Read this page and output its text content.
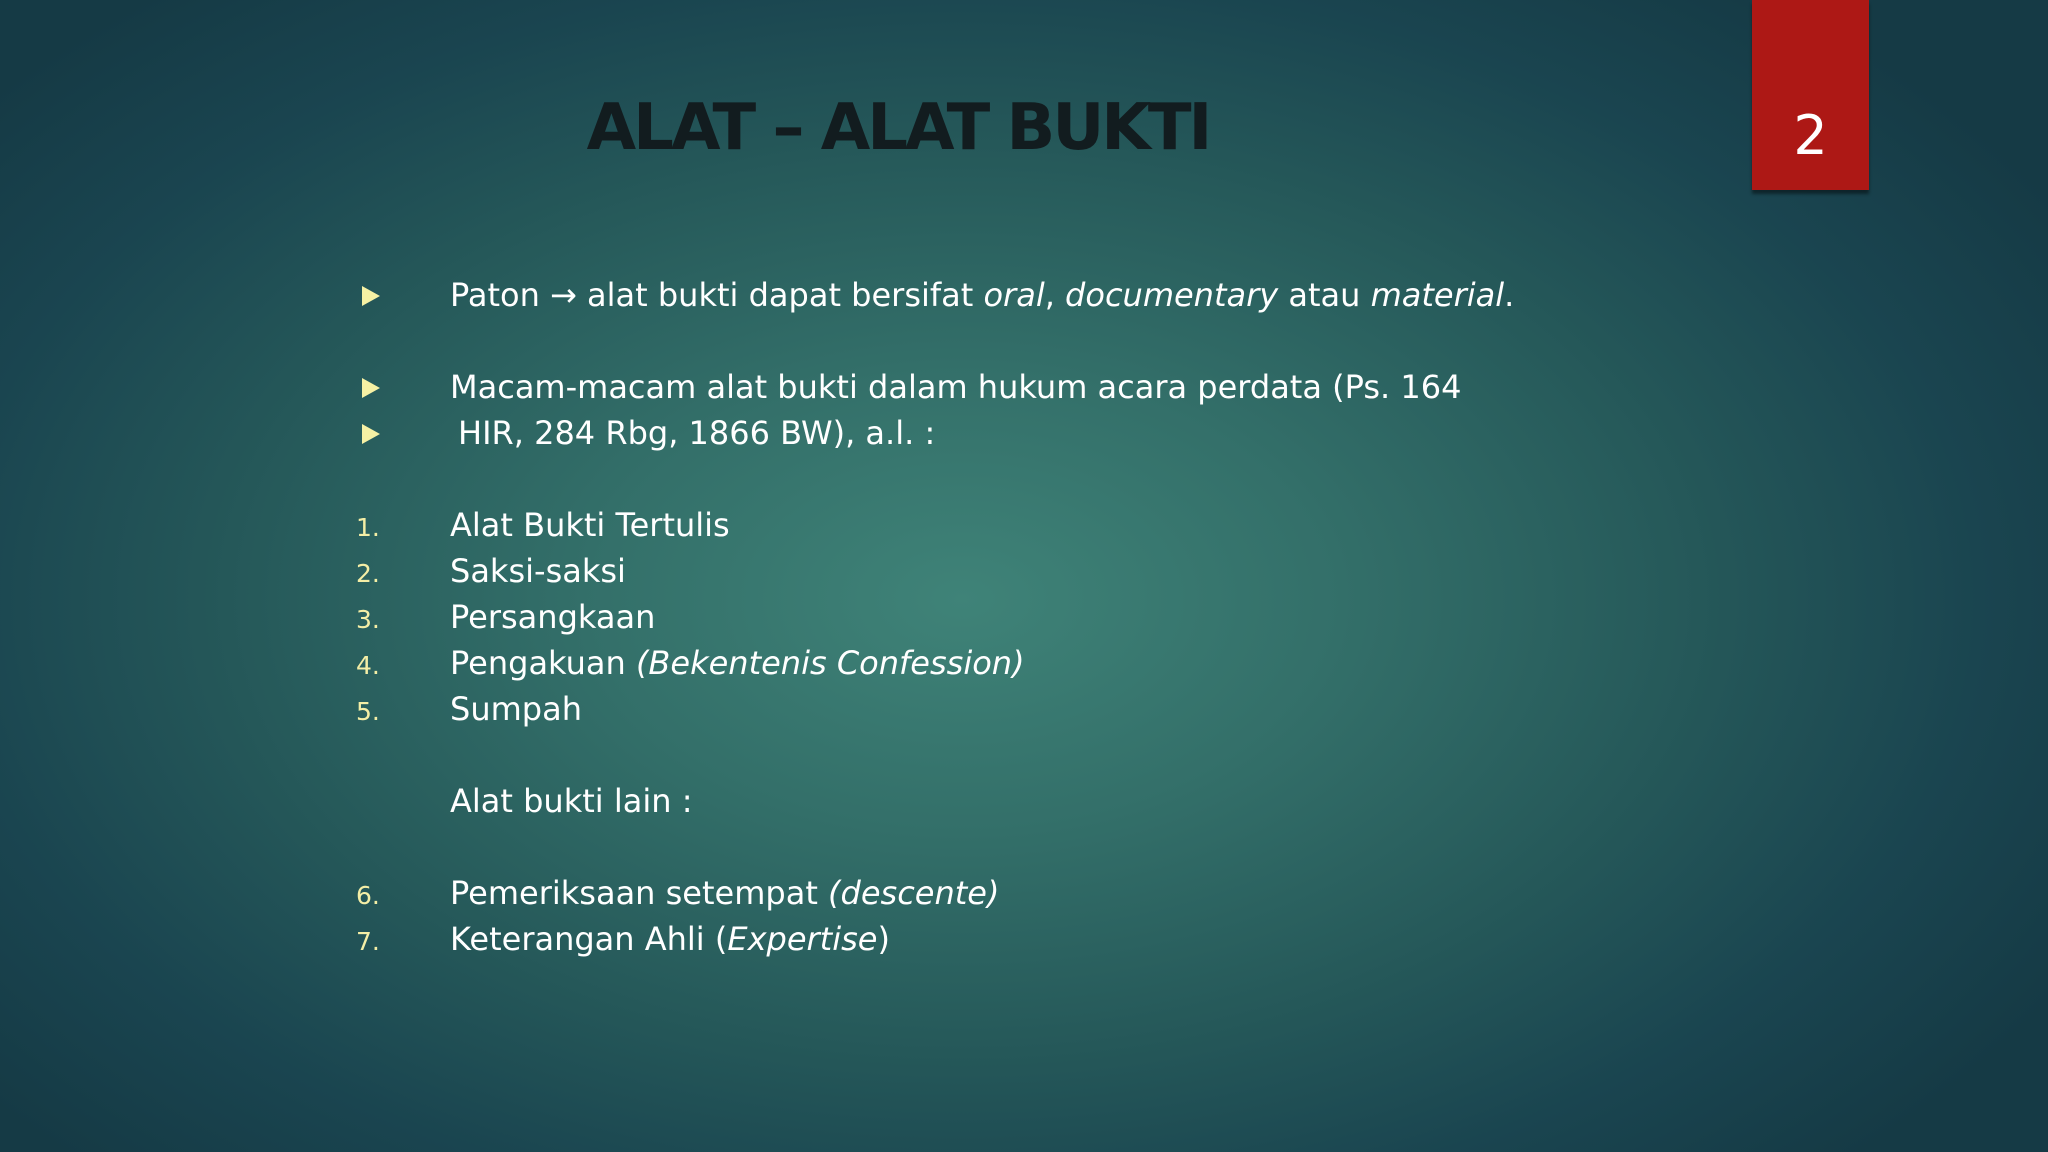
2
ALAT – ALAT BUKTI
Paton → alat bukti dapat bersifat oral, documentary atau material.
Macam-macam alat bukti dalam hukum acara perdata (Ps. 164
HIR, 284 Rbg, 1866 BW), a.l. :
1. Alat Bukti Tertulis
2. Saksi-saksi
3. Persangkaan
4. Pengakuan (Bekentenis Confession)
5. Sumpah
Alat bukti lain :
6. Pemeriksaan setempat (descente)
7. Keterangan Ahli (Expertise)
